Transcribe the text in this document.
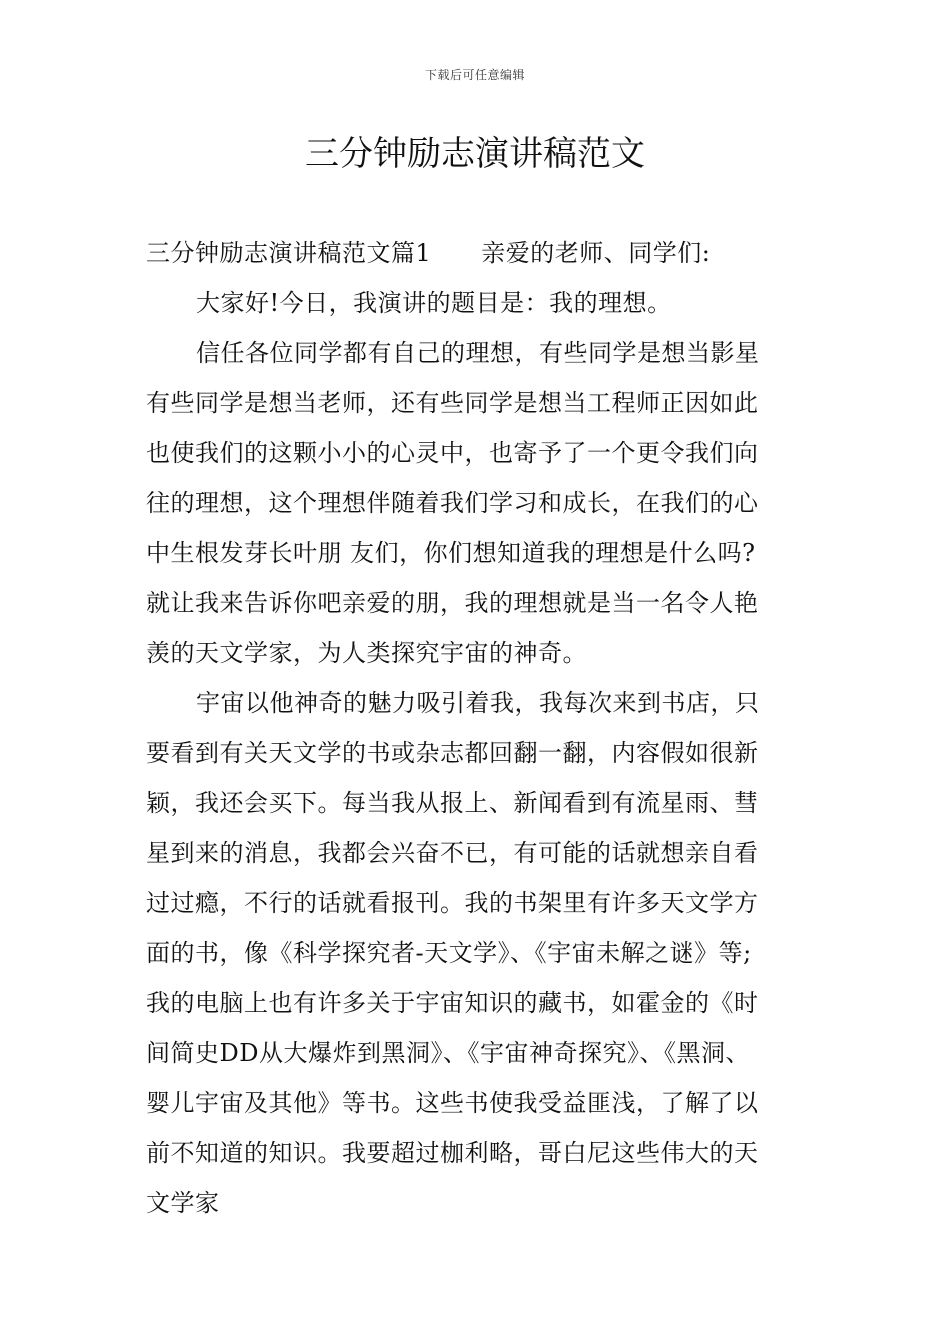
下载后可任意编辑
三分钟励志演讲稿范文
三分钟励志演讲稿范文篇1 亲爱的老师、同学们:
大家好!今日，我演讲的题目是：我的理想。
信任各位同学都有自己的理想，有些同学是想当影星
有些同学是想当老师，还有些同学是想当工程师正因如此
也使我们的这颗小小的心灵中，也寄予了一个更令我们向
往的理想，这个理想伴随着我们学习和成长，在我们的心
中生根发芽长叶朋 友们，你们想知道我的理想是什么吗?
就让我来告诉你吧亲爱的朋，我的理想就是当一名令人艳
羡的天文学家，为人类探究宇宙的神奇。
宇宙以他神奇的魅力吸引着我，我每次来到书店，只
要看到有关天文学的书或杂志都回翻一翻，内容假如很新
颖，我还会买下。每当我从报上、新闻看到有流星雨、彗
星到来的消息，我都会兴奋不已，有可能的话就想亲自看
过过瘾，不行的话就看报刊。我的书架里有许多天文学方
面的书，像《科学探究者-天文学》、《宇宙未解之谜》等;
我的电脑上也有许多关于宇宙知识的藏书，如霍金的《时
间简史DD从大爆炸到黑洞》、《宇宙神奇探究》、《黑洞、
婴儿宇宙及其他》等书。这些书使我受益匪浅，了解了以
前不知道的知识。我要超过枷利略，哥白尼这些伟大的天
文学家
